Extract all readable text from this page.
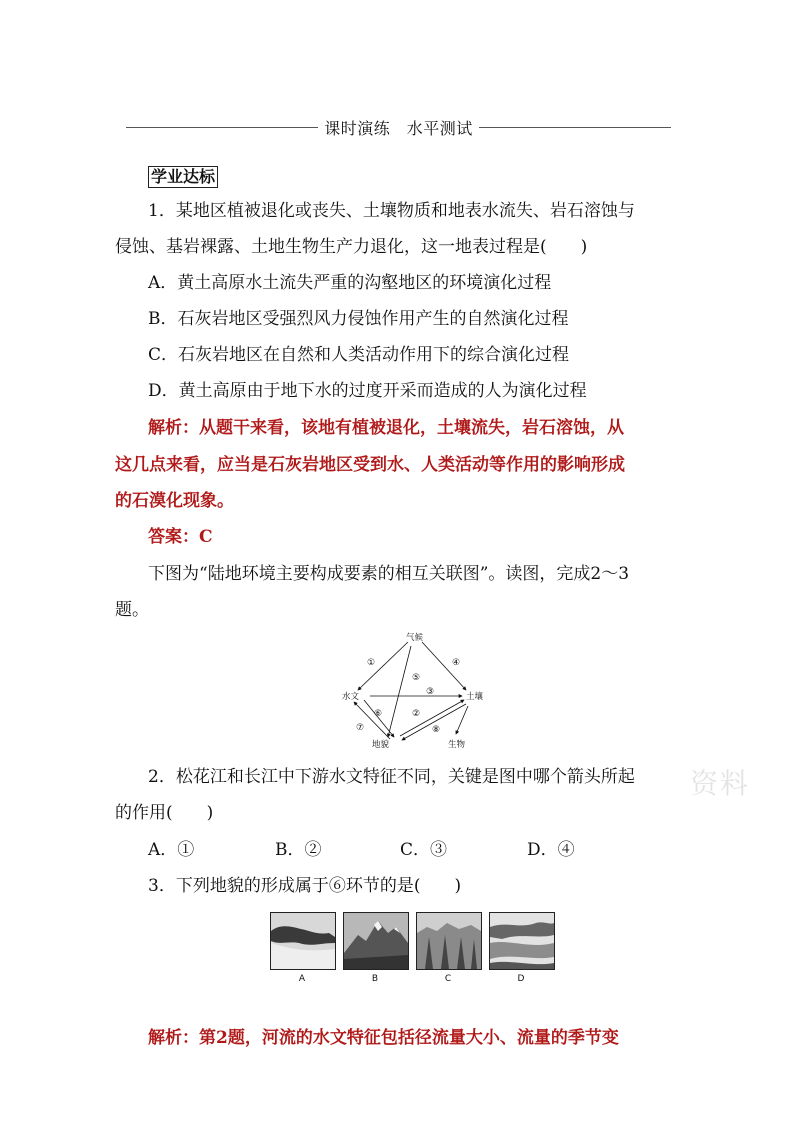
课时演练　水平测试
学业达标
1．某地区植被退化或丧失、土壤物质和地表水流失、岩石溶蚀与
侵蚀、基岩裸露、土地生物生产力退化，这一地表过程是(　　)
A．黄土高原水土流失严重的沟壑地区的环境演化过程
B．石灰岩地区受强烈风力侵蚀作用产生的自然演化过程
C．石灰岩地区在自然和人类活动作用下的综合演化过程
D．黄土高原由于地下水的过度开采而造成的人为演化过程
解析：从题干来看，该地有植被退化，土壤流失，岩石溶蚀，从
这几点来看，应当是石灰岩地区受到水、人类活动等作用的影响形成
的石漠化现象。
答案：C
下图为“陆地环境主要构成要素的相互关联图”。读图，完成2～3
题。
气候
水文	土壤
地貌	生物
①	④
⑤
③
⑥	②
⑦	⑧
2．松花江和长江中下游水文特征不同，关键是图中哪个箭头所起
的作用(　　)
A．①	B．②	C．③	D．④
3．下列地貌的形成属于⑥环节的是(　　)
A	B	C	D
解析：第2题，河流的水文特征包括径流量大小、流量的季节变
资料
